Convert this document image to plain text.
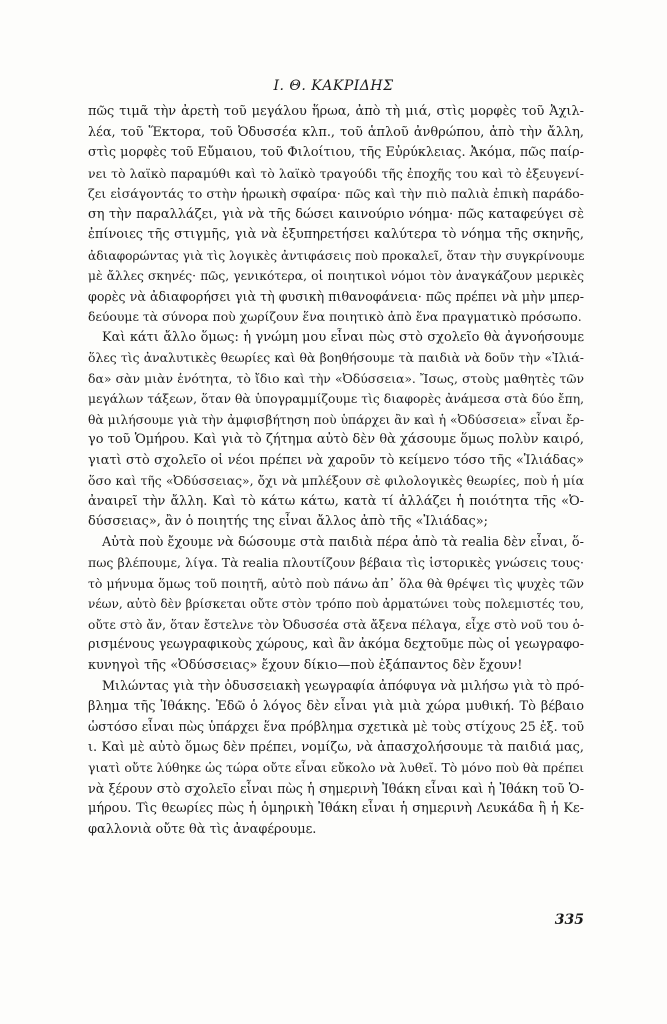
Ι. Θ. ΚΑΚΡΙΔΗΣ
πῶς τιμᾶ τὴν ἀρετὴ τοῦ μεγάλου ἥρωα, ἀπὸ τὴ μιά, στὶς μορφὲς τοῦ Ἀχιλ-
λέα, τοῦ Ἕκτορα, τοῦ Ὀδυσσέα κλπ., τοῦ ἁπλοῦ ἀνθρώπου, ἀπὸ τὴν ἄλλη,
στὶς μορφὲς τοῦ Εὔμαιου, τοῦ Φιλοίτιου, τῆς Εὐρύκλειας. Ἀκόμα, πῶς παίρ-
νει τὸ λαϊκὸ παραμύθι καὶ τὸ λαϊκὸ τραγούδι τῆς ἐποχῆς του καὶ τὸ ἐξευγενί-
ζει εἰσάγοντάς το στὴν ἡρωικὴ σφαίρα· πῶς καὶ τὴν πιὸ παλιὰ ἐπικὴ παράδο-
ση τὴν παραλλάζει, γιὰ νὰ τῆς δώσει καινούριο νόημα· πῶς καταφεύγει σὲ
ἐπίνοιες τῆς στιγμῆς, γιὰ νὰ ἐξυπηρετήσει καλύτερα τὸ νόημα τῆς σκηνῆς,
ἀδιαφορώντας γιὰ τὶς λογικὲς ἀντιφάσεις ποὺ προκαλεῖ, ὅταν τὴν συγκρίνουμε
μὲ ἄλλες σκηνές· πῶς, γενικότερα, οἱ ποιητικοὶ νόμοι τὸν ἀναγκάζουν μερικὲς
φορὲς νὰ ἀδιαφορήσει γιὰ τὴ φυσικὴ πιθανοφάνεια· πῶς πρέπει νὰ μὴν μπερ-
δεύουμε τὰ σύνορα ποὺ χωρίζουν ἕνα ποιητικὸ ἀπὸ ἕνα πραγματικὸ πρόσωπο.
Καὶ κάτι ἄλλο ὅμως: ἡ γνώμη μου εἶναι πὼς στὸ σχολεῖο θὰ ἀγνοήσουμε
ὅλες τὶς ἀναλυτικὲς θεωρίες καὶ θὰ βοηθήσουμε τὰ παιδιὰ νὰ δοῦν τὴν «Ἰλιά-
δα» σὰν μιὰν ἑνότητα, τὸ ἴδιο καὶ τὴν «Ὀδύσσεια». Ἴσως, στοὺς μαθητὲς τῶν
μεγάλων τάξεων, ὅταν θὰ ὑπογραμμίζουμε τὶς διαφορὲς ἀνάμεσα στὰ δύο ἔπη,
θὰ μιλήσουμε γιὰ τὴν ἀμφισβήτηση ποὺ ὑπάρχει ἂν καὶ ἡ «Ὀδύσσεια» εἶναι ἔρ-
γο τοῦ Ὁμήρου. Καὶ γιὰ τὸ ζήτημα αὐτὸ δὲν θὰ χάσουμε ὅμως πολὺν καιρό,
γιατὶ στὸ σχολεῖο οἱ νέοι πρέπει νὰ χαροῦν τὸ κείμενο τόσο τῆς «Ἰλιάδας»
ὅσο καὶ τῆς «Ὀδύσσειας», ὄχι νὰ μπλέξουν σὲ φιλολογικὲς θεωρίες, ποὺ ἡ μία
ἀναιρεῖ τὴν ἄλλη. Καὶ τὸ κάτω κάτω, κατὰ τί ἀλλάζει ἡ ποιότητα τῆς «Ὀ-
δύσσειας», ἂν ὁ ποιητής της εἶναι ἄλλος ἀπὸ τῆς «Ἰλιάδας»;
Αὐτὰ ποὺ ἔχουμε νὰ δώσουμε στὰ παιδιὰ πέρα ἀπὸ τὰ realia δὲν εἶναι, ὅ-
πως βλέπουμε, λίγα. Τὰ realia πλουτίζουν βέβαια τὶς ἱστορικὲς γνώσεις τους·
τὸ μήνυμα ὅμως τοῦ ποιητῆ, αὐτὸ ποὺ πάνω ἀπ᾽ ὅλα θὰ θρέψει τὶς ψυχὲς τῶν
νέων, αὐτὸ δὲν βρίσκεται οὔτε στὸν τρόπο ποὺ ἀρματώνει τοὺς πολεμιστές του,
οὔτε στὸ ἄν, ὅταν ἔστελνε τὸν Ὀδυσσέα στὰ ἄξενα πέλαγα, εἶχε στὸ νοῦ του ὁ-
ρισμένους γεωγραφικοὺς χώρους, καὶ ἂν ἀκόμα δεχτοῦμε πὼς οἱ γεωγραφο-
κυνηγοὶ τῆς «Ὀδύσσειας» ἔχουν δίκιο—ποὺ ἐξάπαντος δὲν ἔχουν!
Μιλώντας γιὰ τὴν ὀδυσσειακὴ γεωγραφία ἀπόφυγα νὰ μιλήσω γιὰ τὸ πρό-
βλημα τῆς Ἰθάκης. Ἐδῶ ὁ λόγος δὲν εἶναι γιὰ μιὰ χώρα μυθική. Τὸ βέβαιο
ὡστόσο εἶναι πὼς ὑπάρχει ἕνα πρόβλημα σχετικὰ μὲ τοὺς στίχους 25 ἑξ. τοῦ
ι. Καὶ μὲ αὐτὸ ὅμως δὲν πρέπει, νομίζω, νὰ ἀπασχολήσουμε τὰ παιδιά μας,
γιατὶ οὔτε λύθηκε ὡς τώρα οὔτε εἶναι εὔκολο νὰ λυθεῖ. Τὸ μόνο ποὺ θὰ πρέπει
νὰ ξέρουν στὸ σχολεῖο εἶναι πὼς ἡ σημερινὴ Ἰθάκη εἶναι καὶ ἡ Ἰθάκη τοῦ Ὁ-
μήρου. Τὶς θεωρίες πὼς ἡ ὁμηρικὴ Ἰθάκη εἶναι ἡ σημερινὴ Λευκάδα ἢ ἡ Κε-
φαλλονιὰ οὔτε θὰ τὶς ἀναφέρουμε.
335
